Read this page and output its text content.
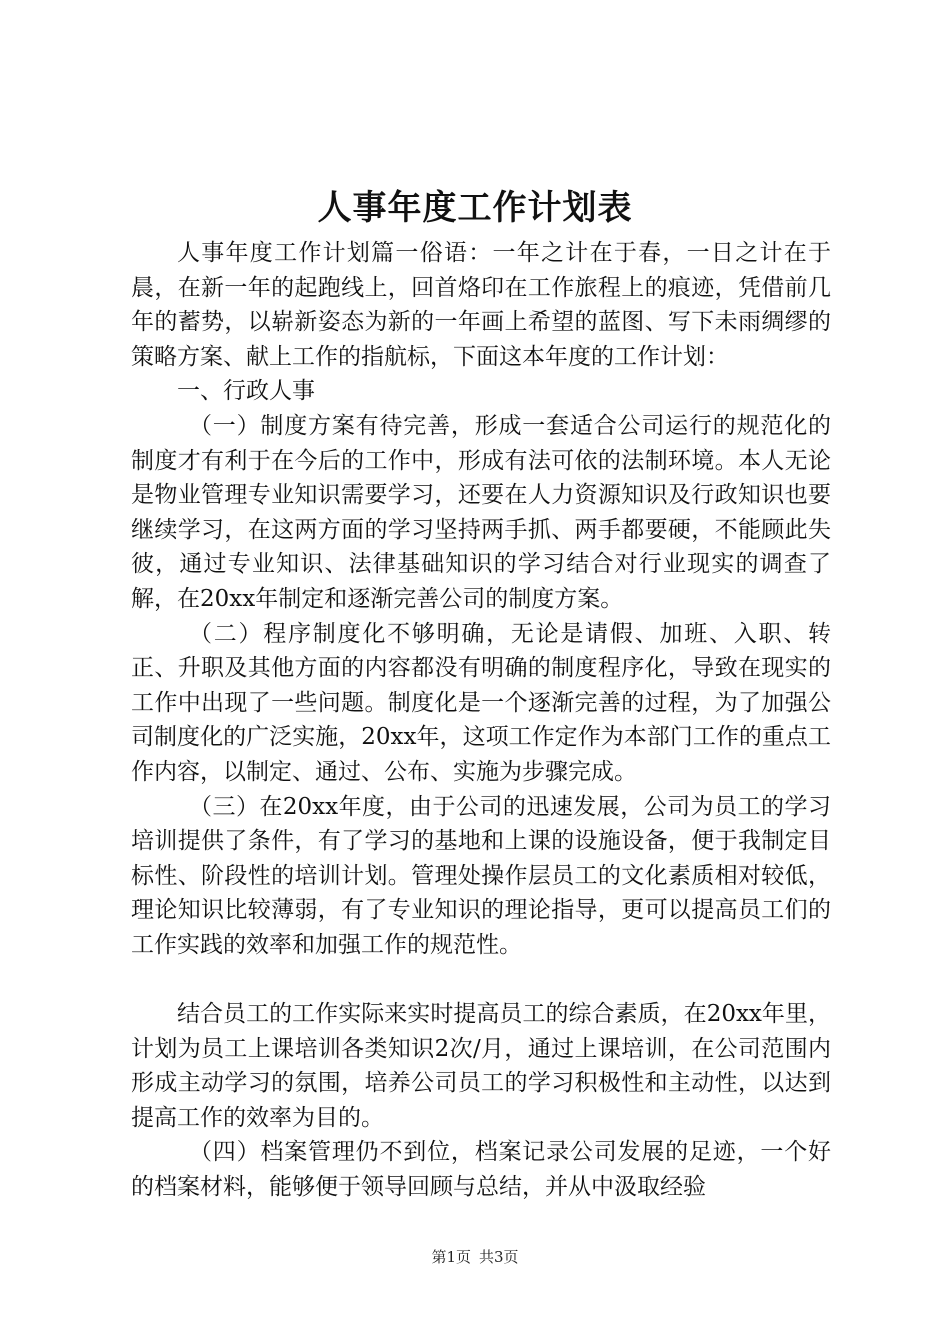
人事年度工作计划表

人事年度工作计划篇一俗语：一年之计在于春，一日之计在于晨，在新一年的起跑线上，回首烙印在工作旅程上的痕迹，凭借前几年的蓄势，以崭新姿态为新的一年画上希望的蓝图、写下未雨绸缪的策略方案、献上工作的指航标，下面这本年度的工作计划：

一、行政人事

（一）制度方案有待完善，形成一套适合公司运行的规范化的制度才有利于在今后的工作中，形成有法可依的法制环境。本人无论是物业管理专业知识需要学习，还要在人力资源知识及行政知识也要继续学习，在这两方面的学习坚持两手抓、两手都要硬，不能顾此失彼，通过专业知识、法律基础知识的学习结合对行业现实的调查了解，在20xx年制定和逐渐完善公司的制度方案。

（二）程序制度化不够明确，无论是请假、加班、入职、转正、升职及其他方面的内容都没有明确的制度程序化，导致在现实的工作中出现了一些问题。制度化是一个逐渐完善的过程，为了加强公司制度化的广泛实施，20xx年，这项工作定作为本部门工作的重点工作内容，以制定、通过、公布、实施为步骤完成。

（三）在20xx年度，由于公司的迅速发展，公司为员工的学习培训提供了条件，有了学习的基地和上课的设施设备，便于我制定目标性、阶段性的培训计划。管理处操作层员工的文化素质相对较低，理论知识比较薄弱，有了专业知识的理论指导，更可以提高员工们的工作实践的效率和加强工作的规范性。

结合员工的工作实际来实时提高员工的综合素质，在20xx年里，计划为员工上课培训各类知识2次/月，通过上课培训，在公司范围内形成主动学习的氛围，培养公司员工的学习积极性和主动性，以达到提高工作的效率为目的。

（四）档案管理仍不到位，档案记录公司发展的足迹，一个好的档案材料，能够便于领导回顾与总结，并从中汲取经验

第1页 共3页
